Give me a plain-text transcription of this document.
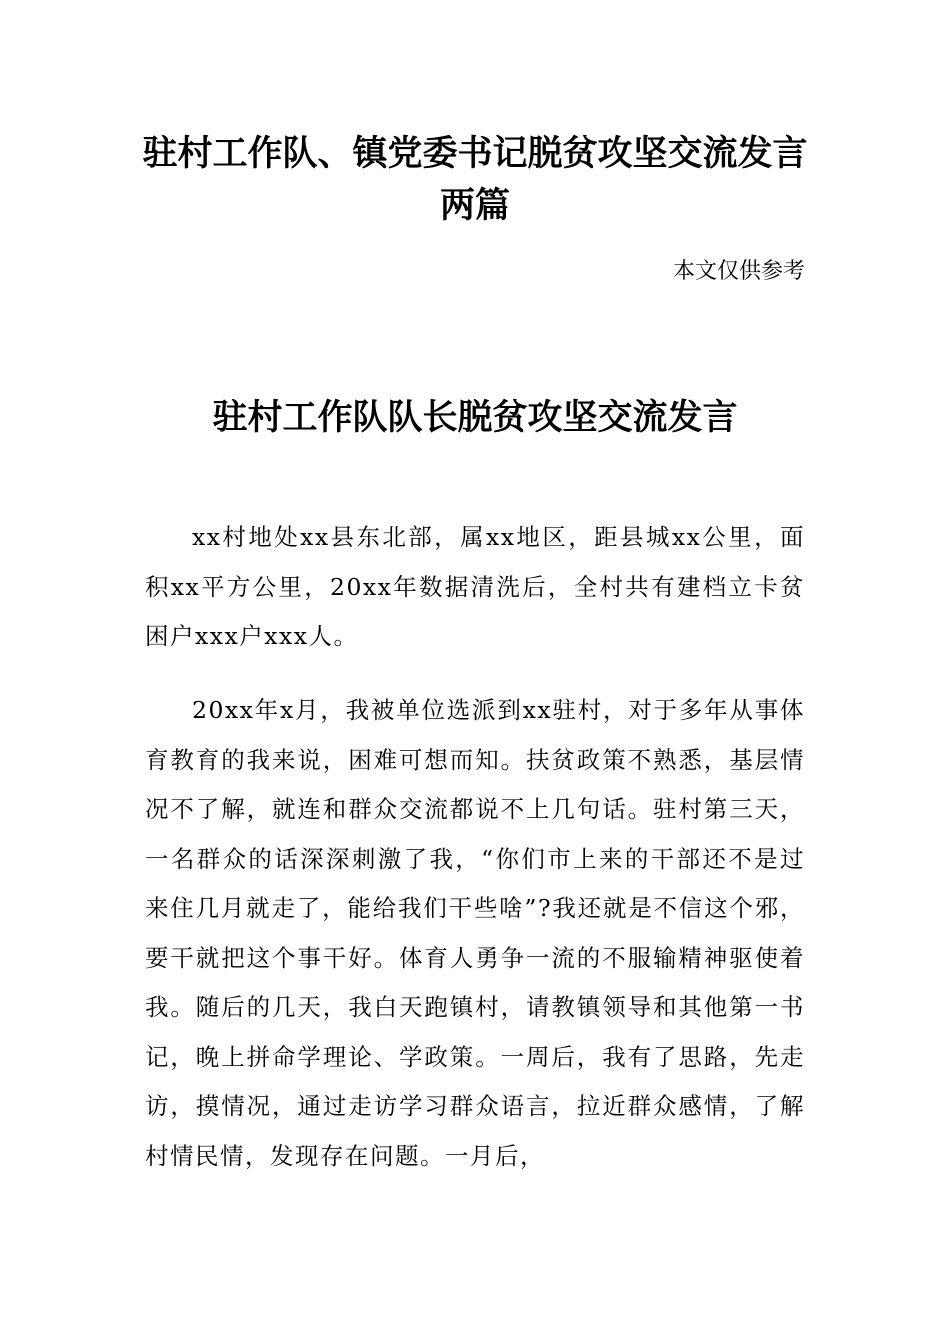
驻村工作队、镇党委书记脱贫攻坚交流发言两篇

本文仅供参考

驻村工作队队长脱贫攻坚交流发言

xx村地处xx县东北部，属xx地区，距县城xx公里，面积xx平方公里，20xx年数据清洗后，全村共有建档立卡贫困户xxx户xxx人。

20xx年x月，我被单位选派到xx驻村，对于多年从事体育教育的我来说，困难可想而知。扶贫政策不熟悉，基层情况不了解，就连和群众交流都说不上几句话。驻村第三天，一名群众的话深深刺激了我，“你们市上来的干部还不是过来住几月就走了，能给我们干些啥”?我还就是不信这个邪，要干就把这个事干好。体育人勇争一流的不服输精神驱使着我。随后的几天，我白天跑镇村，请教镇领导和其他第一书记，晚上拼命学理论、学政策。一周后，我有了思路，先走访，摸情况，通过走访学习群众语言，拉近群众感情，了解村情民情，发现存在问题。一月后，
